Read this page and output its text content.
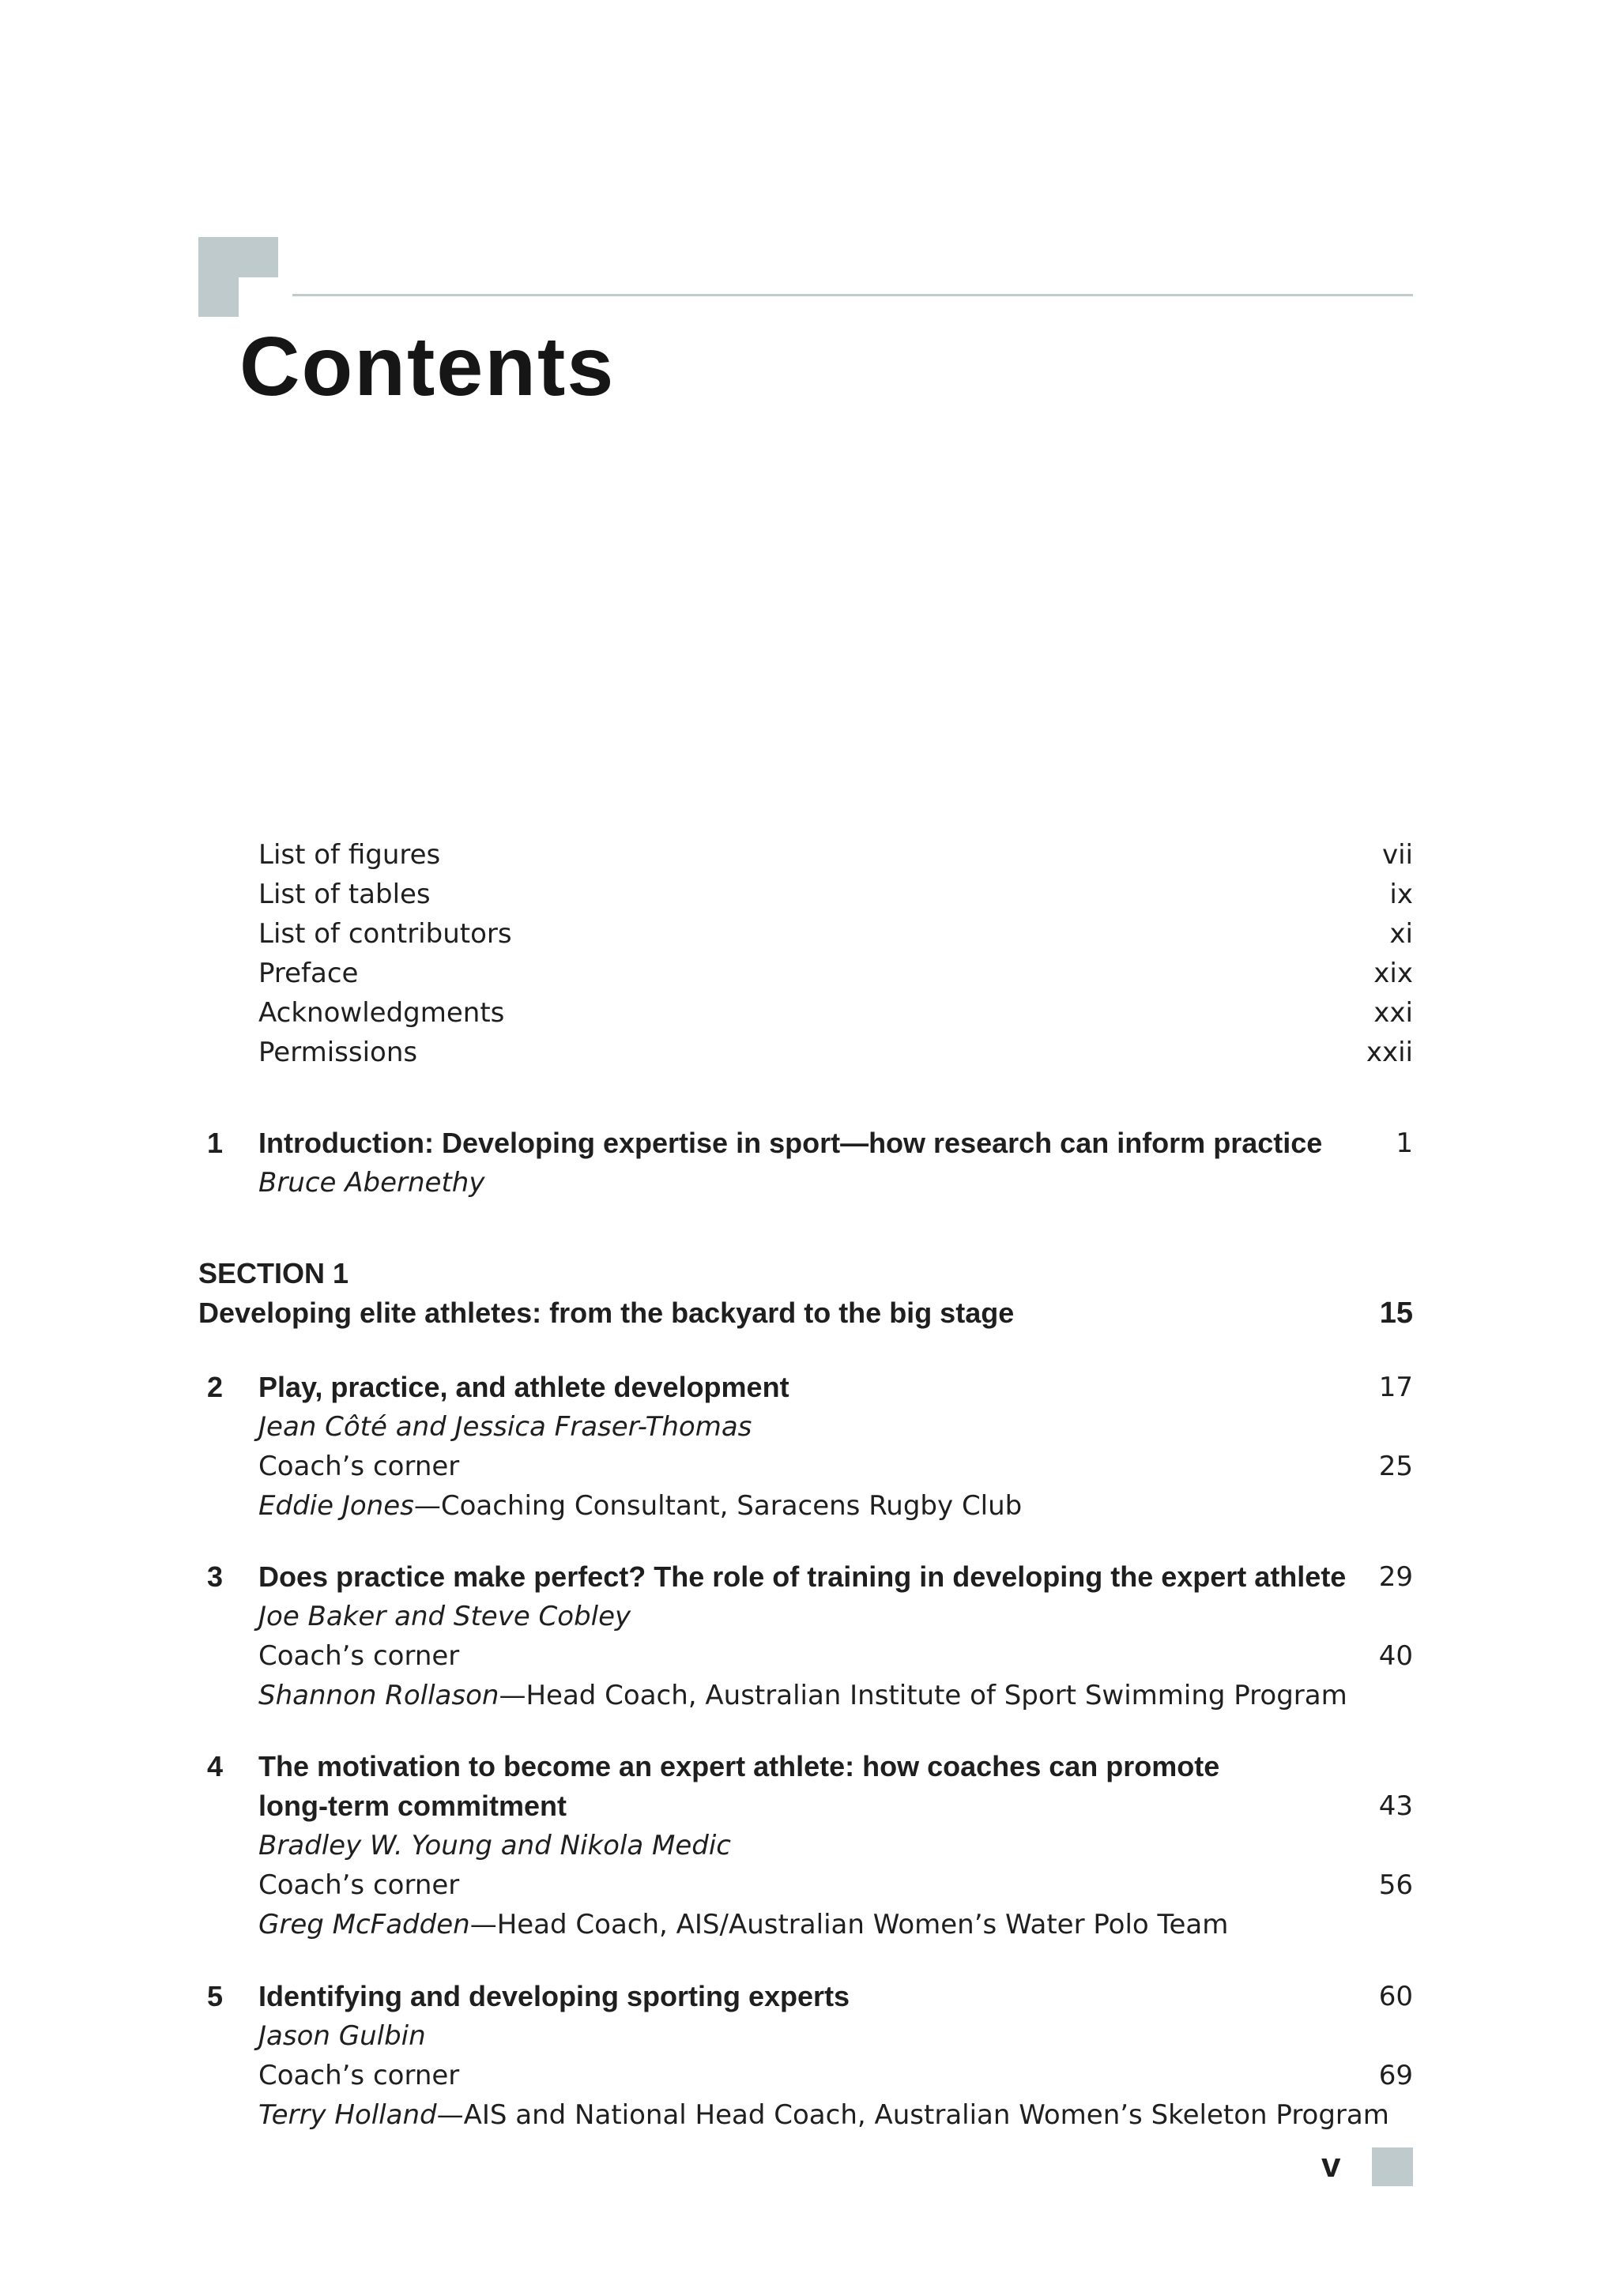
Contents
List of figures	vii
List of tables	ix
List of contributors	xi
Preface	xix
Acknowledgments	xxi
Permissions	xxii
1 Introduction: Developing expertise in sport—how research can inform practice	1
Bruce Abernethy
SECTION 1
Developing elite athletes: from the backyard to the big stage	15
2 Play, practice, and athlete development	17
Jean Côté and Jessica Fraser-Thomas
Coach’s corner	25
Eddie Jones—Coaching Consultant, Saracens Rugby Club
3 Does practice make perfect? The role of training in developing the expert athlete 29
Joe Baker and Steve Cobley
Coach’s corner	40
Shannon Rollason—Head Coach, Australian Institute of Sport Swimming Program
4 The motivation to become an expert athlete: how coaches can promote
long-term commitment	43
Bradley W. Young and Nikola Medic
Coach’s corner	56
Greg McFadden—Head Coach, AIS/Australian Women’s Water Polo Team
5 Identifying and developing sporting experts	60
Jason Gulbin
Coach’s corner	69
Terry Holland—AIS and National Head Coach, Australian Women’s Skeleton Program
v
